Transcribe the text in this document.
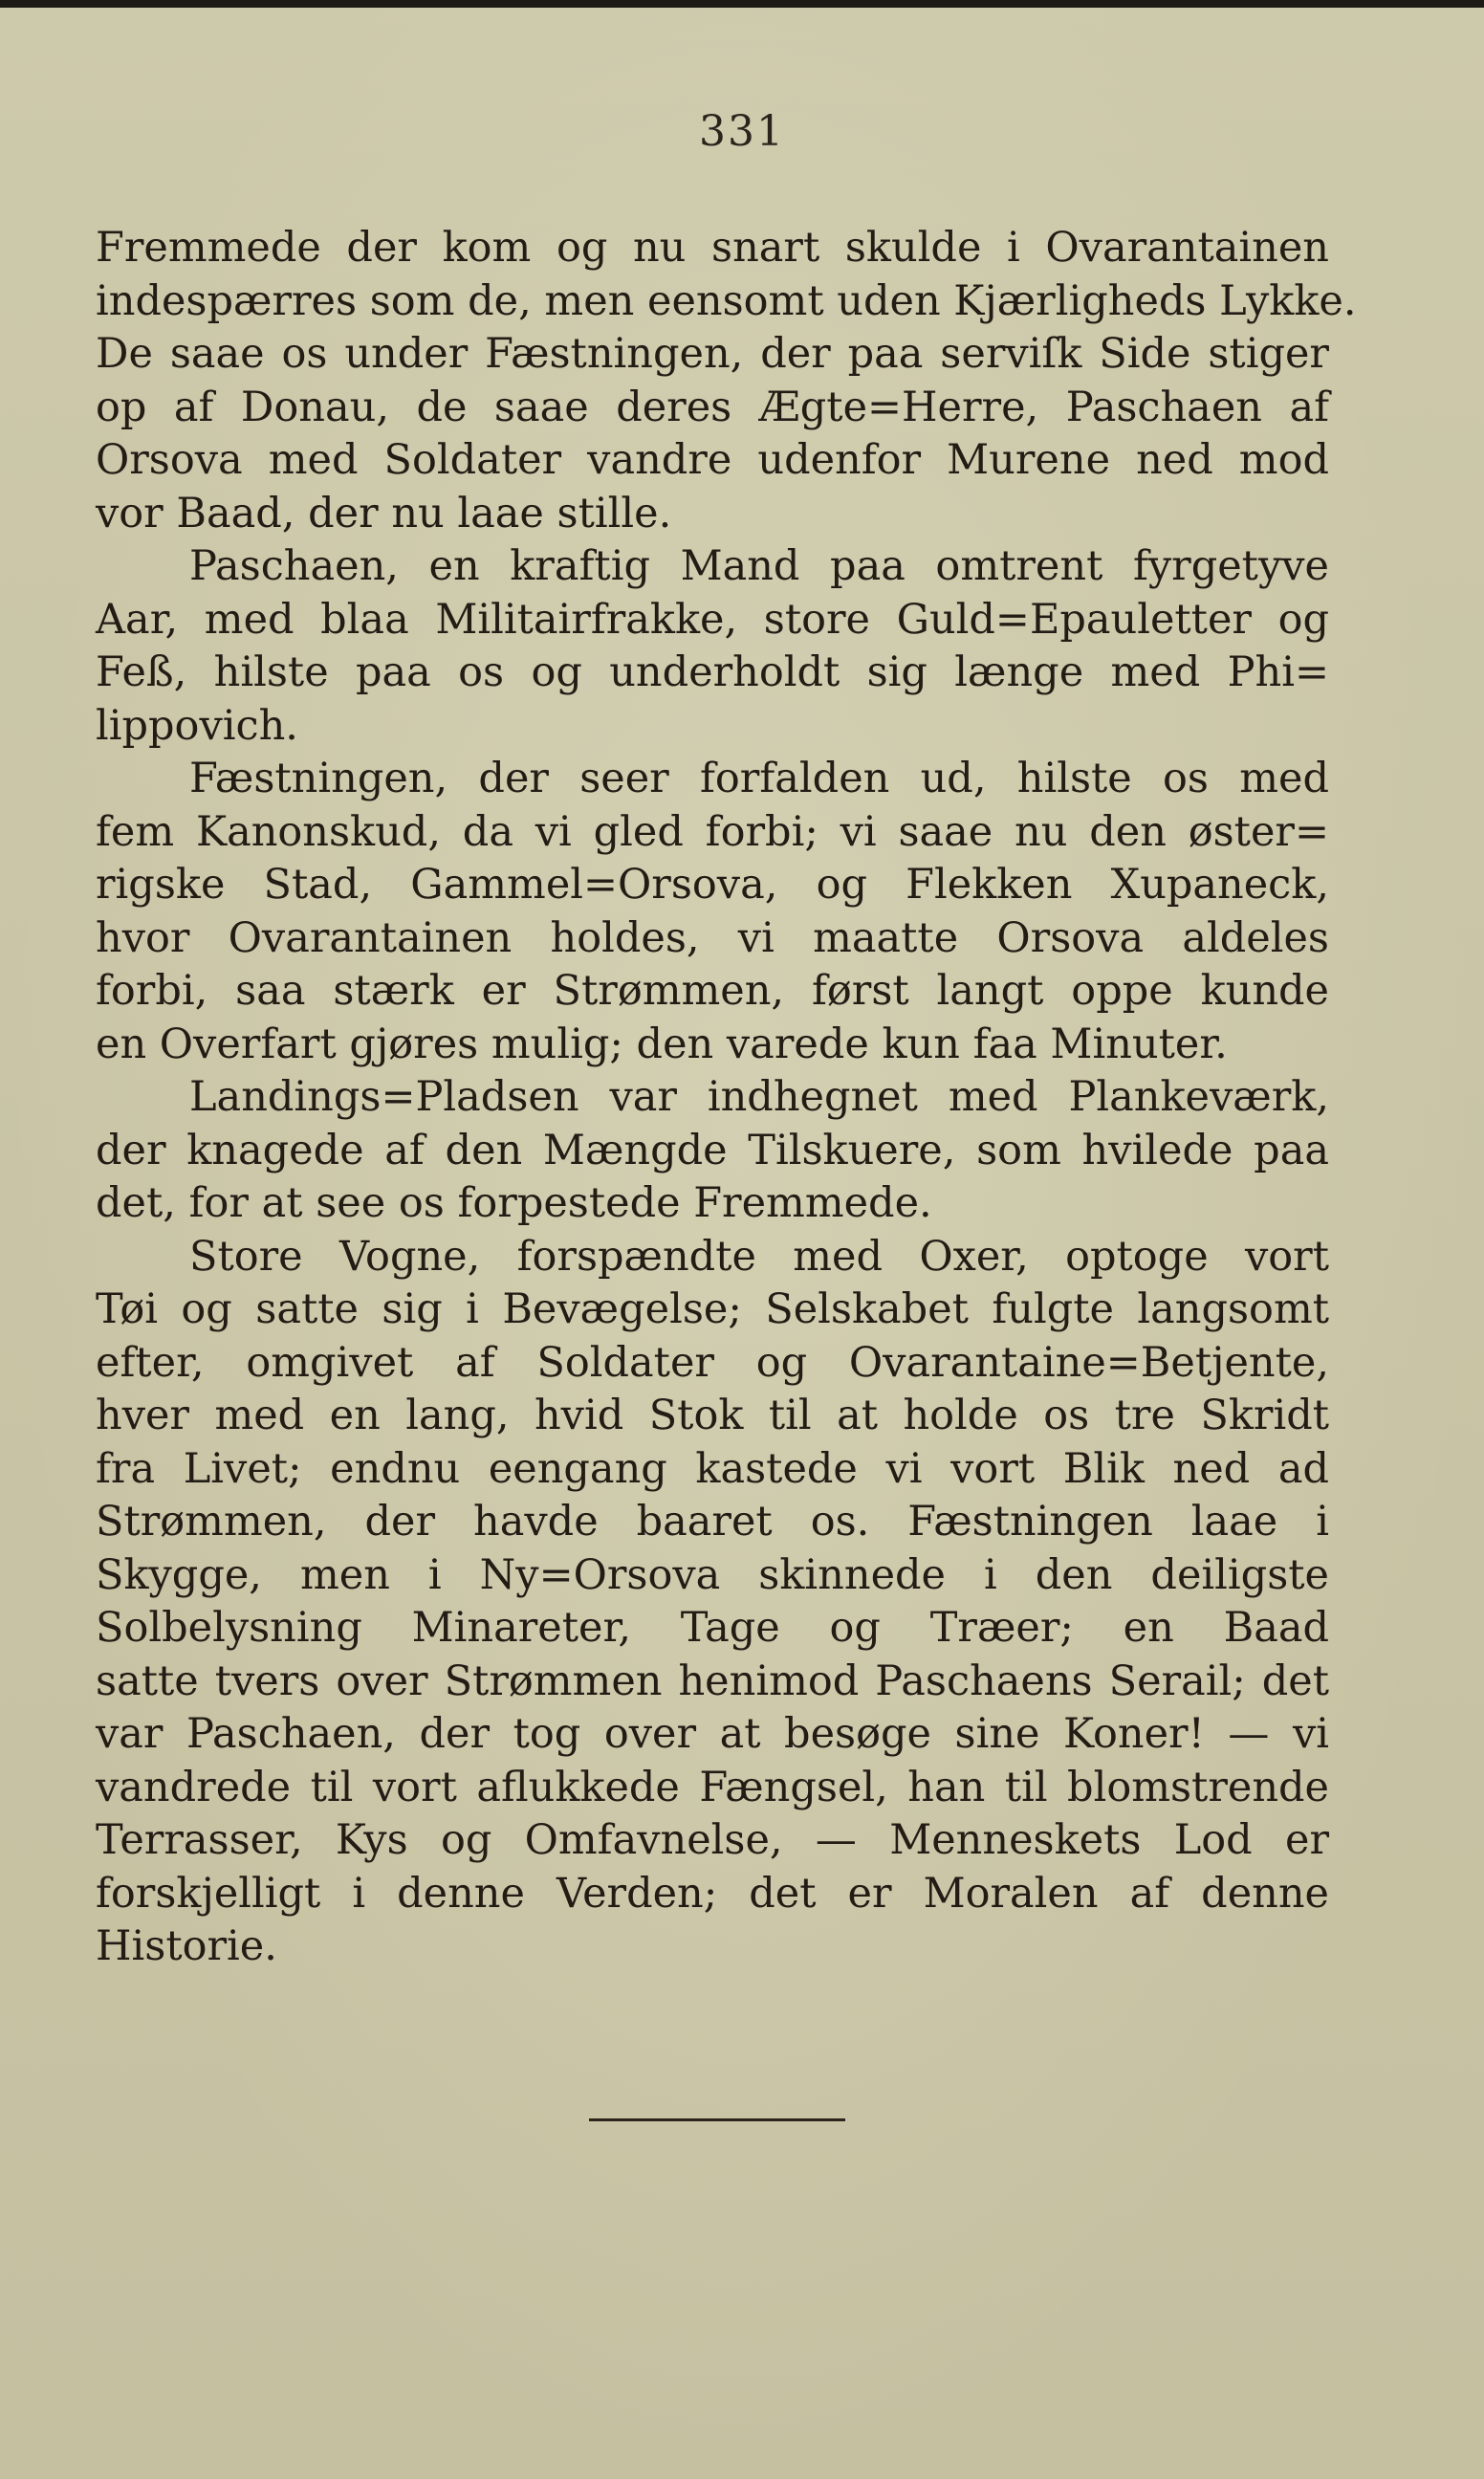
331
Fremmede der kom og nu snart skulde i Ovarantainen
indespærres som de, men eensomt uden Kjærligheds Lykke.
De saae os under Fæstningen, der paa serviſk Side stiger
op af Donau, de saae deres Ægte=Herre, Paschaen af
Orsova med Soldater vandre udenfor Murene ned mod
vor Baad, der nu laae stille.
Paschaen, en kraftig Mand paa omtrent fyrgetyve
Aar, med blaa Militairfrakke, store Guld=Epauletter og
Feß, hilste paa os og underholdt sig længe med Phi=
lippovich.
Fæstningen, der seer forfalden ud, hilste os med
fem Kanonskud, da vi gled forbi; vi saae nu den øster=
rigske Stad, Gammel=Orsova, og Flekken Xupaneck,
hvor Ovarantainen holdes, vi maatte Orsova aldeles
forbi, saa stærk er Strømmen, først langt oppe kunde
en Overfart gjøres mulig; den varede kun faa Minuter.
Landings=Pladsen var indhegnet med Plankeværk,
der knagede af den Mængde Tilskuere, som hvilede paa
det, for at see os forpestede Fremmede.
Store Vogne, forspændte med Oxer, optoge vort
Tøi og satte sig i Bevægelse; Selskabet fulgte langsomt
efter, omgivet af Soldater og Ovarantaine=Betjente,
hver med en lang, hvid Stok til at holde os tre Skridt
fra Livet; endnu eengang kastede vi vort Blik ned ad
Strømmen, der havde baaret os. Fæstningen laae i
Skygge, men i Ny=Orsova skinnede i den deiligste
Solbelysning Minareter, Tage og Træer; en Baad
satte tvers over Strømmen henimod Paschaens Serail; det
var Paschaen, der tog over at besøge sine Koner! — vi
vandrede til vort aflukkede Fængsel, han til blomstrende
Terrasser, Kys og Omfavnelse, — Menneskets Lod er
forskjelligt i denne Verden; det er Moralen af denne
Historie.
